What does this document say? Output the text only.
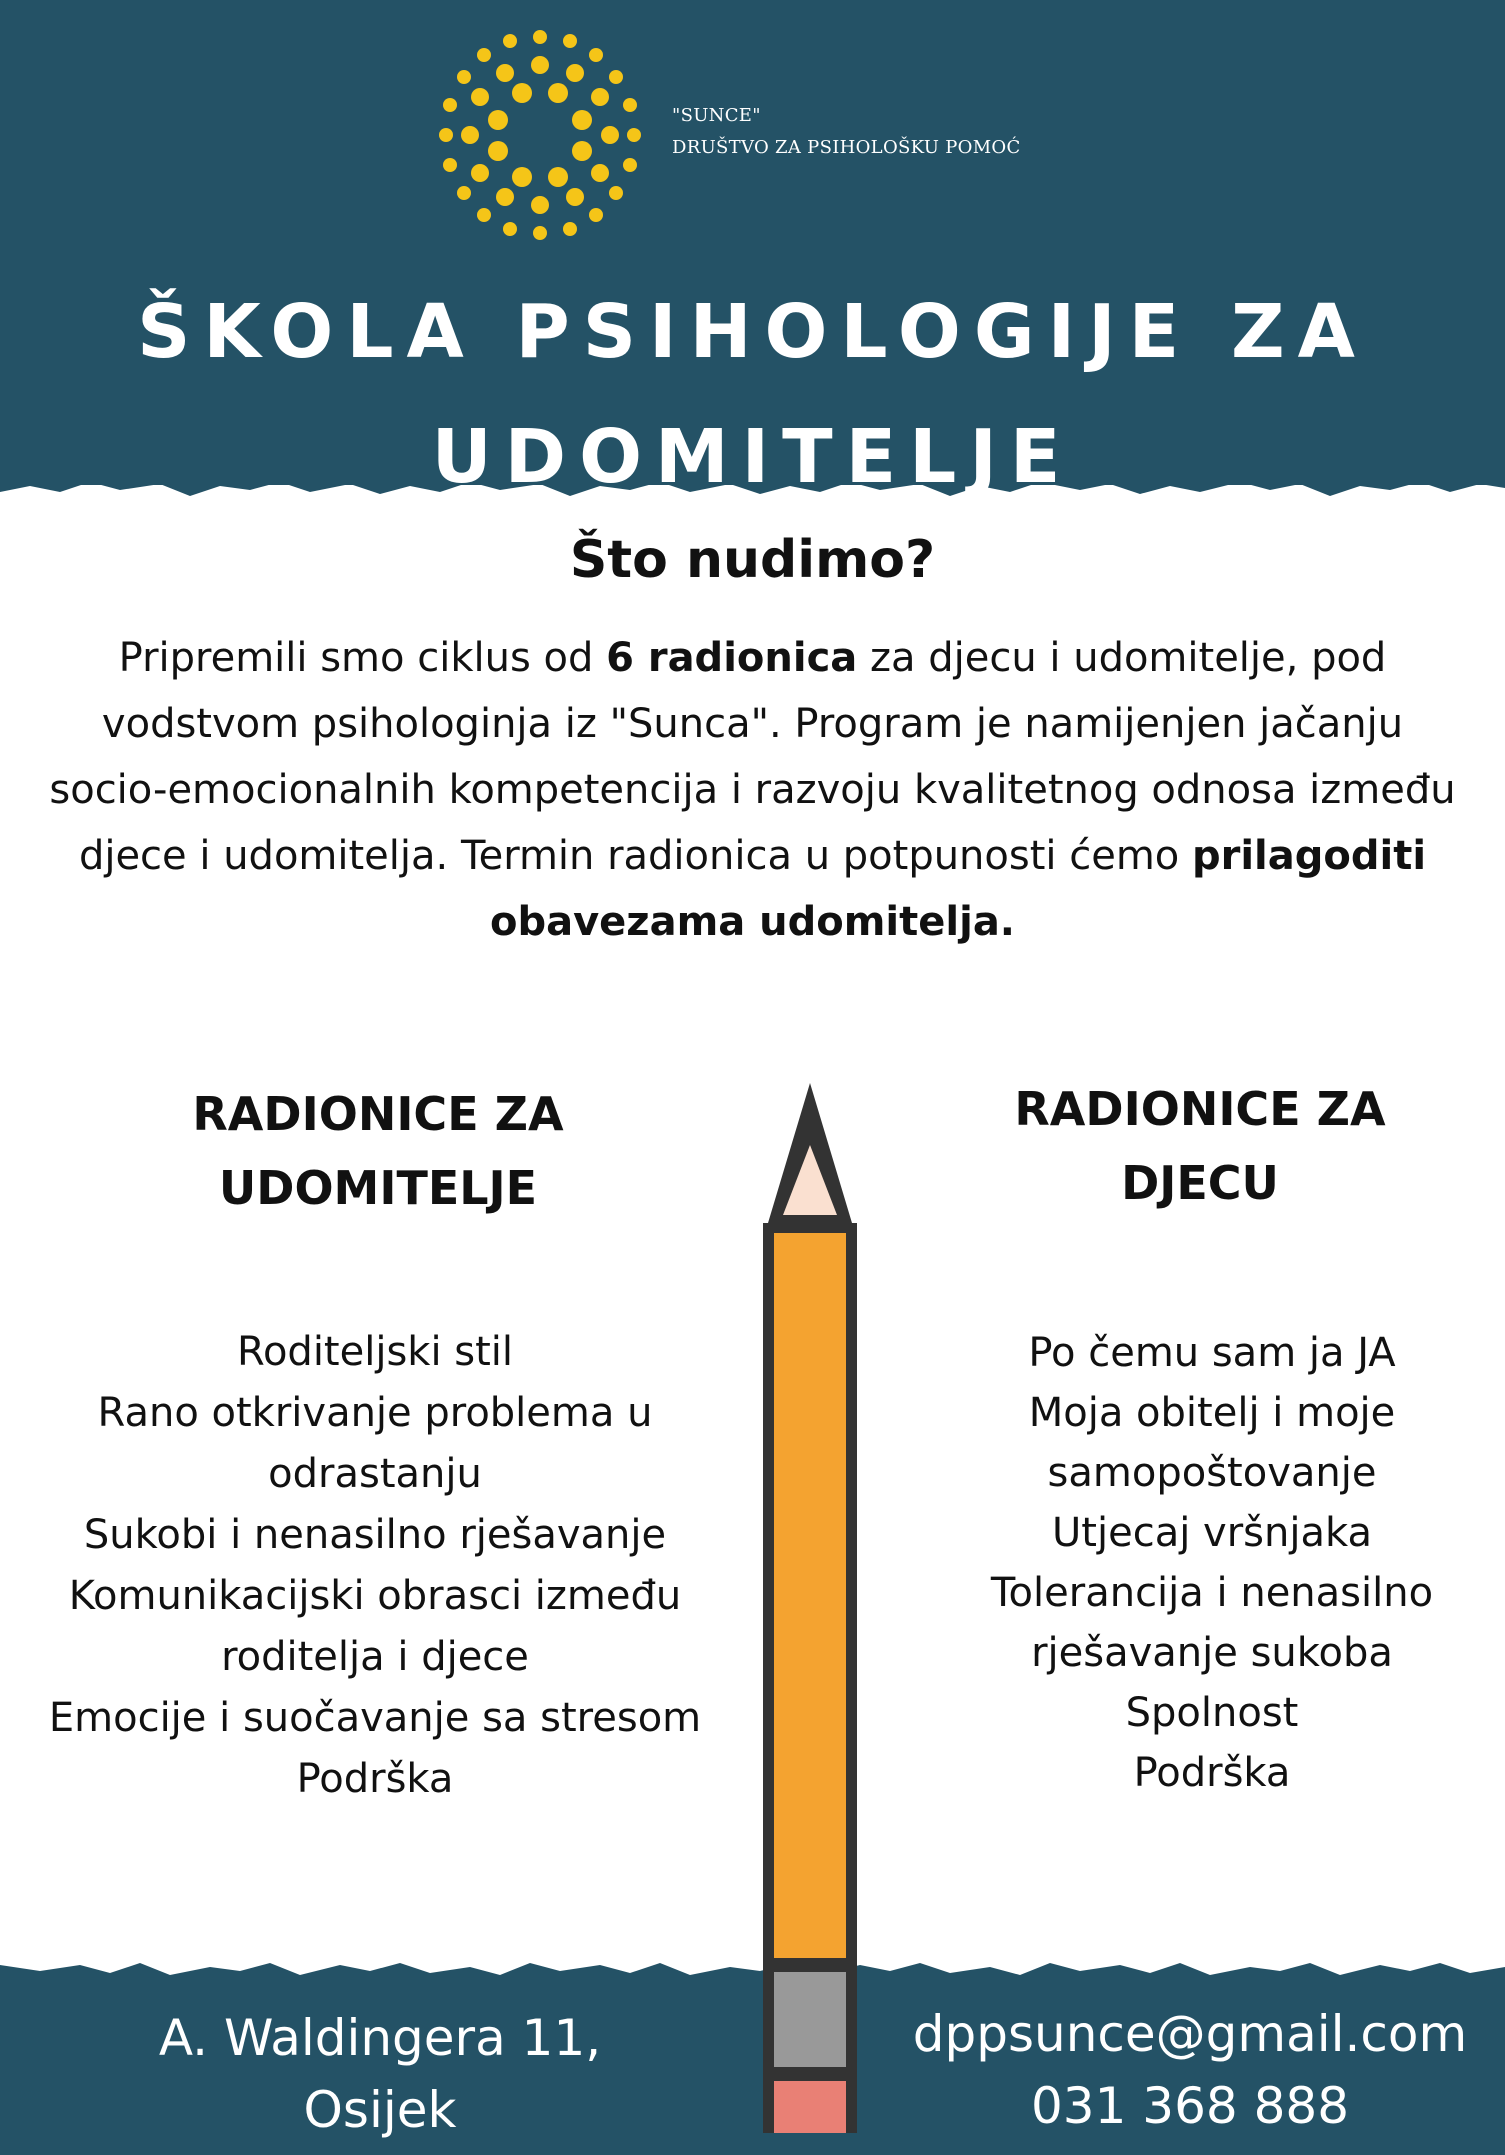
"SUNCE"
DRUŠTVO ZA PSIHOLOŠKU POMOĆ
ŠKOLA PSIHOLOGIJE ZA
UDOMITELJE
Što nudimo?
Pripremili smo ciklus od 6 radionica za djecu i udomitelje, pod vodstvom psihologinja iz "Sunca". Program je namijenjen jačanju socio-emocionalnih kompetencija i razvoju kvalitetnog odnosa između djece i udomitelja. Termin radionica u potpunosti ćemo prilagoditi obavezama udomitelja.
RADIONICE ZA
UDOMITELJE
Roditeljski stil
Rano otkrivanje problema u
odrastanju
Sukobi i nenasilno rješavanje
Komunikacijski obrasci između
roditelja i djece
Emocije i suočavanje sa stresom
Podrška
RADIONICE ZA
DJECU
Po čemu sam ja JA
Moja obitelj i moje
samopoštovanje
Utjecaj vršnjaka
Tolerancija i nenasilno
rješavanje sukoba
Spolnost
Podrška
A. Waldingera 11,
Osijek
dppsunce@gmail.com
031 368 888
